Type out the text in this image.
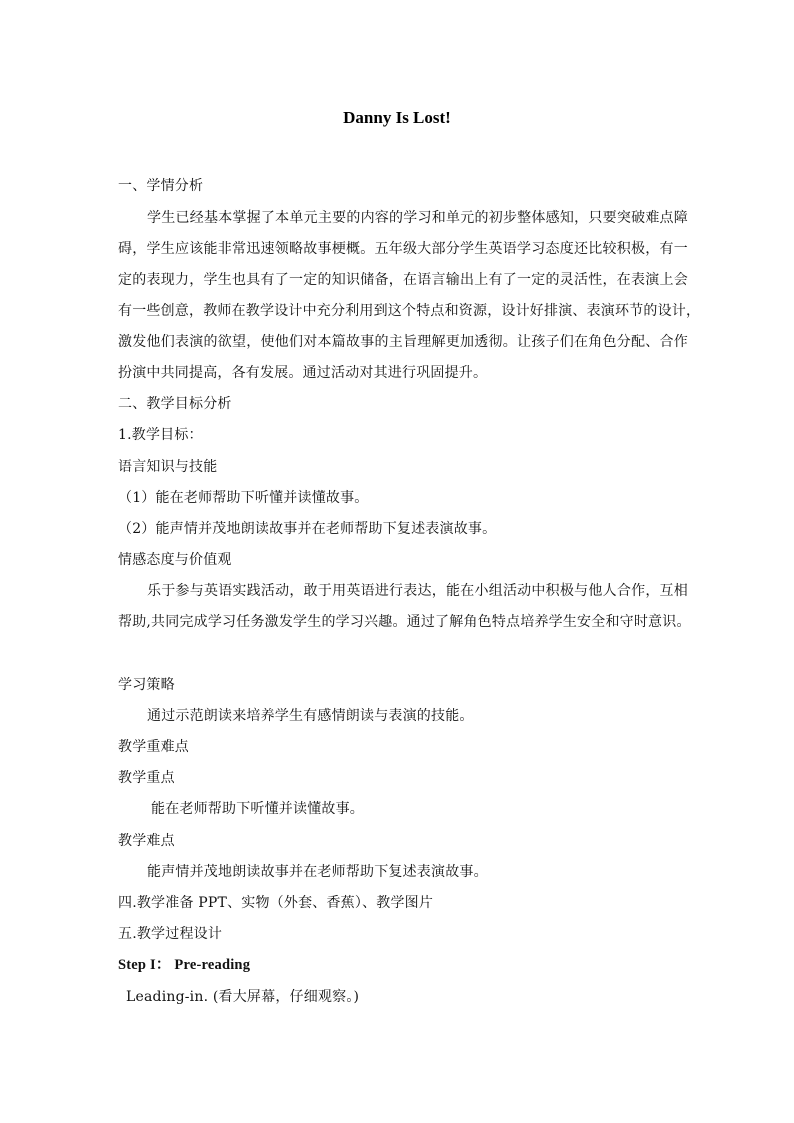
Danny Is Lost!
一、学情分析
学生已经基本掌握了本单元主要的内容的学习和单元的初步整体感知，只要突破难点障
碍，学生应该能非常迅速领略故事梗概。五年级大部分学生英语学习态度还比较积极，有一
定的表现力，学生也具有了一定的知识储备，在语言输出上有了一定的灵活性，在表演上会
有一些创意，教师在教学设计中充分利用到这个特点和资源，设计好排演、表演环节的设计，
激发他们表演的欲望，使他们对本篇故事的主旨理解更加透彻。让孩子们在角色分配、合作
扮演中共同提高，各有发展。通过活动对其进行巩固提升。
二、教学目标分析
1.教学目标：
语言知识与技能
（1）能在老师帮助下听懂并读懂故事。
（2）能声情并茂地朗读故事并在老师帮助下复述表演故事。
情感态度与价值观
乐于参与英语实践活动，敢于用英语进行表达，能在小组活动中积极与他人合作，互相
帮助,共同完成学习任务激发学生的学习兴趣。通过了解角色特点培养学生安全和守时意识。
学习策略
通过示范朗读来培养学生有感情朗读与表演的技能。
教学重难点
教学重点
能在老师帮助下听懂并读懂故事。
教学难点
能声情并茂地朗读故事并在老师帮助下复述表演故事。
四.教学准备 PPT、实物（外套、香蕉）、教学图片
五.教学过程设计
Step I： Pre-reading
Leading-in. (看大屏幕，仔细观察。)
